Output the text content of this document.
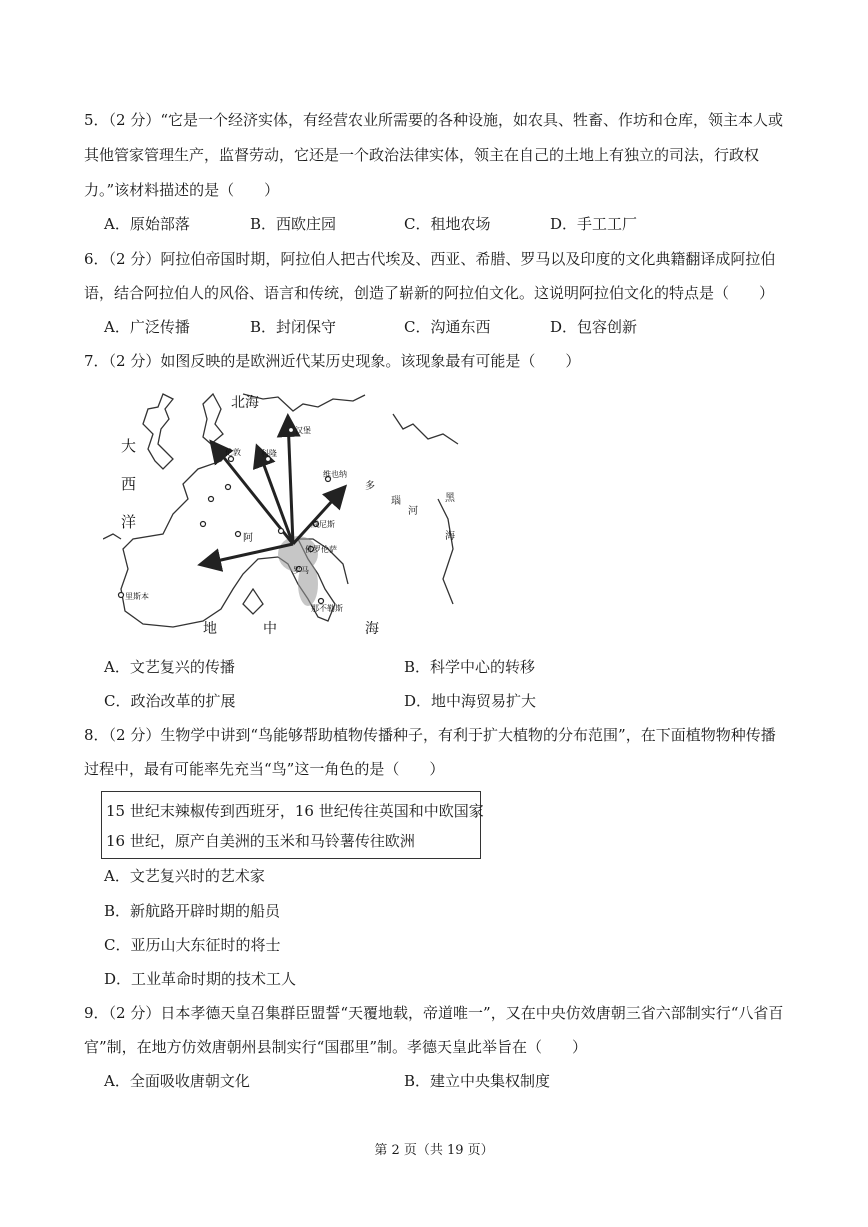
5．（2 分）“它是一个经济实体，有经营农业所需要的各种设施，如农具、牲畜、作坊和仓库，领主本人或
其他管家管理生产，监督劳动，它还是一个政治法律实体，领主在自己的土地上有独立的司法，行政权
力。”该材料描述的是（　　）
A．原始部落	B．西欧庄园	C．租地农场	D．手工工厂
6．（2 分）阿拉伯帝国时期，阿拉伯人把古代埃及、西亚、希腊、罗马以及印度的文化典籍翻译成阿拉伯
语，结合阿拉伯人的风俗、语言和传统，创造了崭新的阿拉伯文化。这说明阿拉伯文化的特点是（　　）
A．广泛传播	B．封闭保守	C．沟通东西	D．包容创新
7．（2 分）如图反映的是欧洲近代某历史现象。该现象最有可能是（　　）
北海
大
西
洋
伦敦
汉堡
科隆
维也纳
多
瑙
河
黑
海
威尼斯
佛罗伦萨
罗马
那不勒斯
里斯本
阿
地	中	海
A．文艺复兴的传播	B．科学中心的转移
C．政治改革的扩展	D．地中海贸易扩大
8．（2 分）生物学中讲到“鸟能够帮助植物传播种子，有利于扩大植物的分布范围”，在下面植物物种传播
过程中，最有可能率先充当“鸟”这一角色的是（　　）
15 世纪末辣椒传到西班牙，16 世纪传往英国和中欧国家
16 世纪，原产自美洲的玉米和马铃薯传往欧洲
A．文艺复兴时的艺术家
B．新航路开辟时期的船员
C．亚历山大东征时的将士
D．工业革命时期的技术工人
9．（2 分）日本孝德天皇召集群臣盟誓“天覆地载，帝道唯一”，又在中央仿效唐朝三省六部制实行“八省百
官”制，在地方仿效唐朝州县制实行“国郡里”制。孝德天皇此举旨在（　　）
A．全面吸收唐朝文化	B．建立中央集权制度
第 2 页（共 19 页）
